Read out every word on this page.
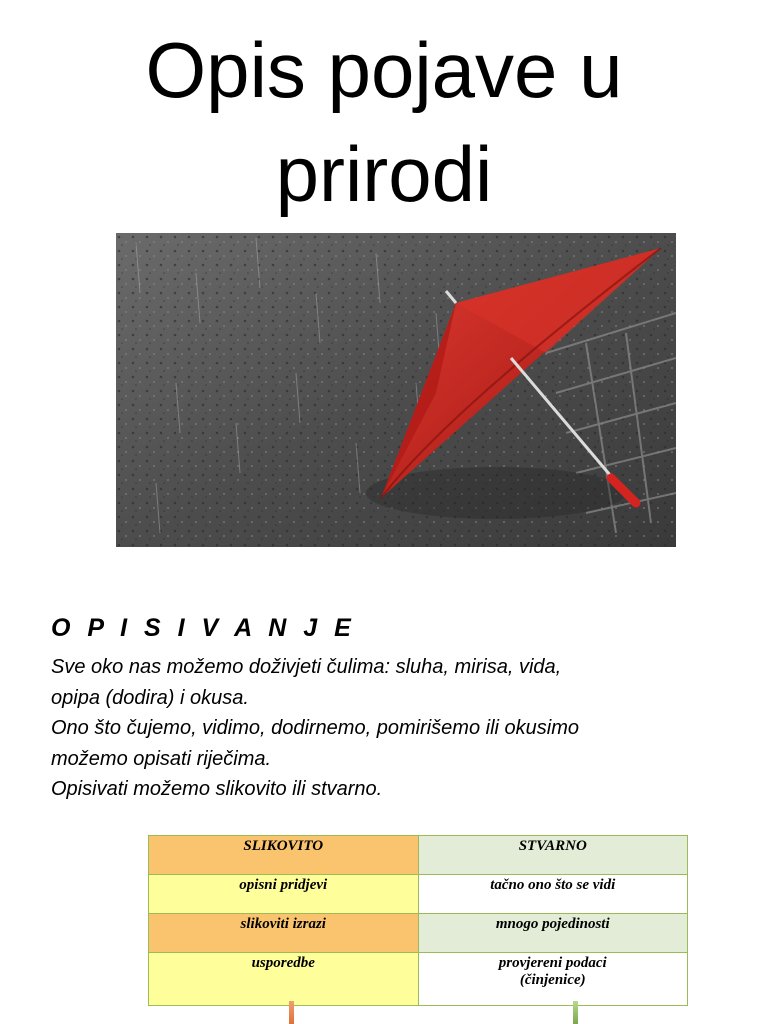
Opis pojave u
prirodi
O P I S I V A N J E
Sve oko nas možemo doživjeti čulima: sluha, mirisa, vida,
opipa (dodira) i okusa.
Ono što čujemo, vidimo, dodirnemo, pomirišemo ili okusimo
možemo opisati riječima.
Opisivati možemo slikovito ili stvarno.
SLIKOVITO	STVARNO
opisni pridjevi	tačno ono što se vidi
slikoviti izrazi	mnogo pojedinosti
usporedbe	provjereni podaci
(činjenice)
